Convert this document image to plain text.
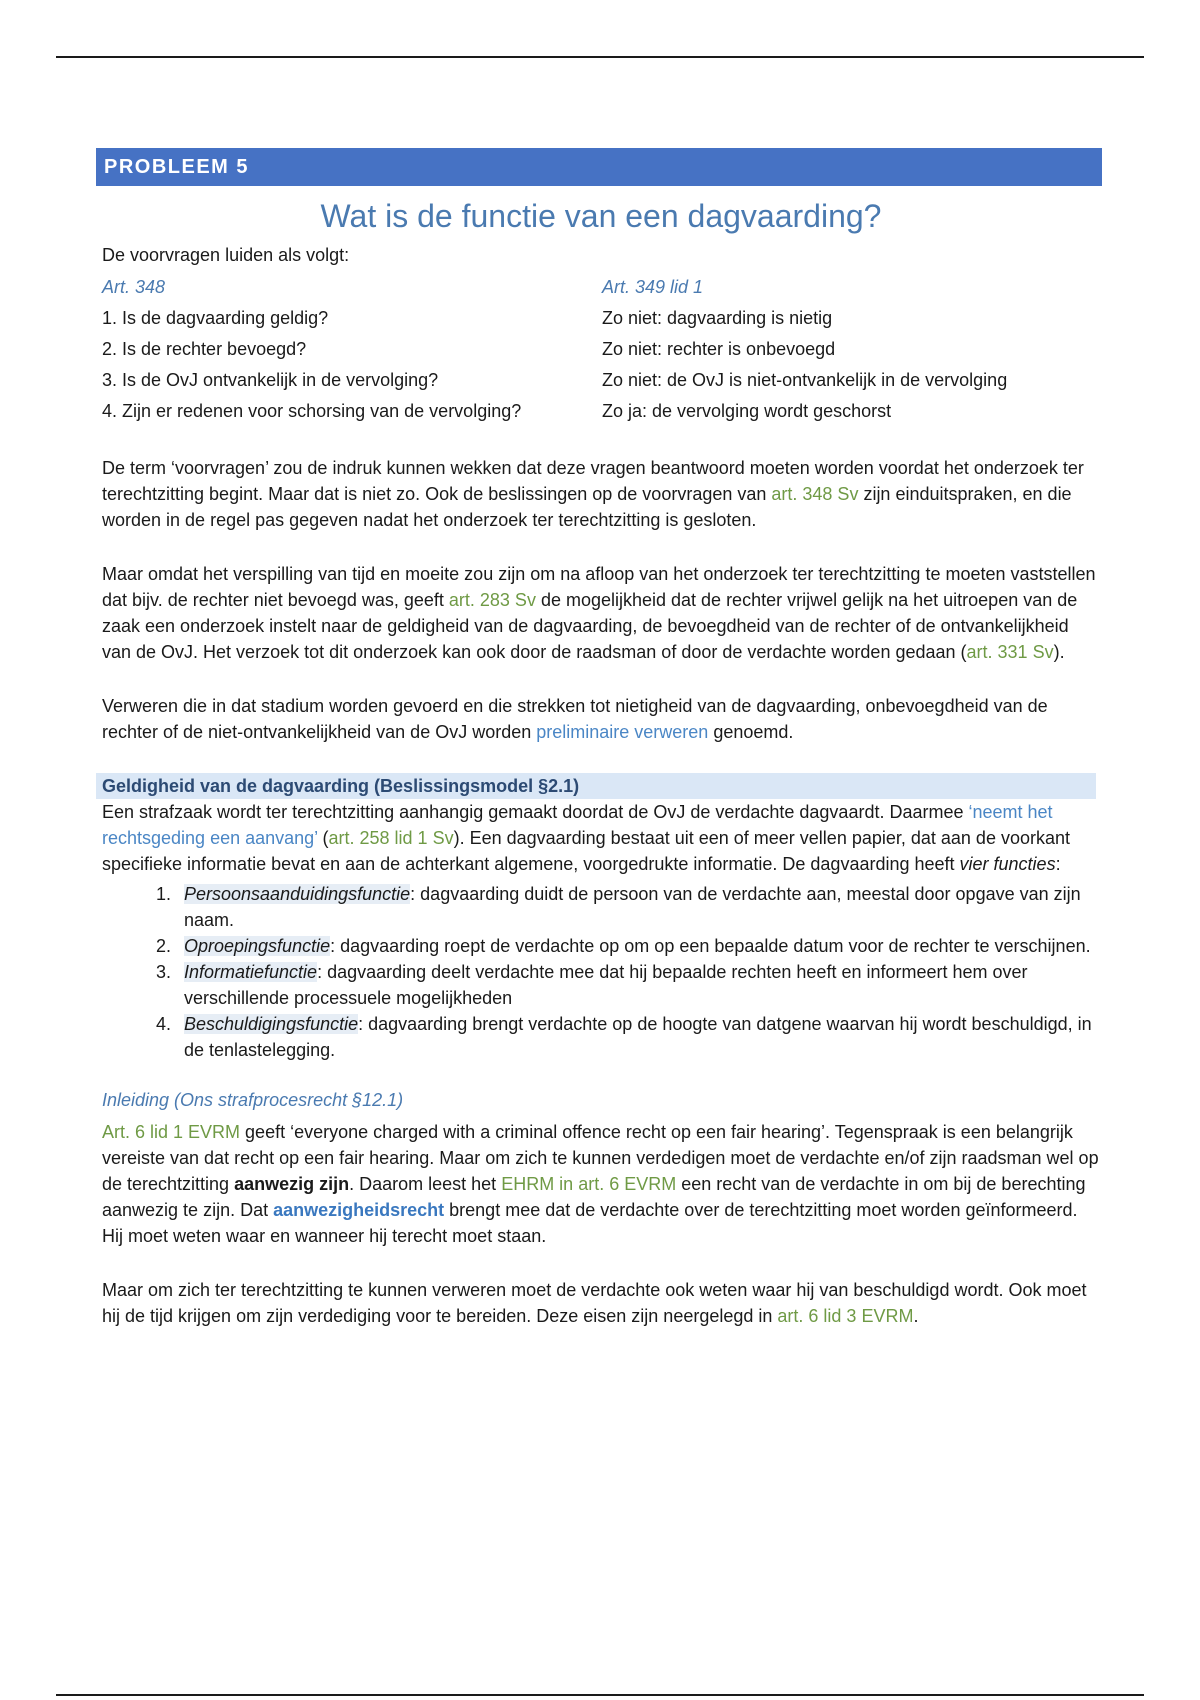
PROBLEEM 5
Wat is de functie van een dagvaarding?

De voorvragen luiden als volgt:

Art. 348	Art. 349 lid 1
1. Is de dagvaarding geldig?	Zo niet: dagvaarding is nietig
2. Is de rechter bevoegd?	Zo niet: rechter is onbevoegd
3. Is de OvJ ontvankelijk in de vervolging?	Zo niet: de OvJ is niet-ontvankelijk in de vervolging
4. Zijn er redenen voor schorsing van de vervolging?	Zo ja: de vervolging wordt geschorst

De term ‘voorvragen’ zou de indruk kunnen wekken dat deze vragen beantwoord moeten worden voordat het onderzoek ter terechtzitting begint. Maar dat is niet zo. Ook de beslissingen op de voorvragen van art. 348 Sv zijn einduitspraken, en die worden in de regel pas gegeven nadat het onderzoek ter terechtzitting is gesloten.

Maar omdat het verspilling van tijd en moeite zou zijn om na afloop van het onderzoek ter terechtzitting te moeten vaststellen dat bijv. de rechter niet bevoegd was, geeft art. 283 Sv de mogelijkheid dat de rechter vrijwel gelijk na het uitroepen van de zaak een onderzoek instelt naar de geldigheid van de dagvaarding, de bevoegdheid van de rechter of de ontvankelijkheid van de OvJ. Het verzoek tot dit onderzoek kan ook door de raadsman of door de verdachte worden gedaan (art. 331 Sv).

Verweren die in dat stadium worden gevoerd en die strekken tot nietigheid van de dagvaarding, onbevoegdheid van de rechter of de niet-ontvankelijkheid van de OvJ worden preliminaire verweren genoemd.

Geldigheid van de dagvaarding (Beslissingsmodel §2.1)

Een strafzaak wordt ter terechtzitting aanhangig gemaakt doordat de OvJ de verdachte dagvaardt. Daarmee ‘neemt het rechtsgeding een aanvang’ (art. 258 lid 1 Sv). Een dagvaarding bestaat uit een of meer vellen papier, dat aan de voorkant specifieke informatie bevat en aan de achterkant algemene, voorgedrukte informatie. De dagvaarding heeft vier functies:

1. Persoonsaanduidingsfunctie: dagvaarding duidt de persoon van de verdachte aan, meestal door opgave van zijn naam.
2. Oproepingsfunctie: dagvaarding roept de verdachte op om op een bepaalde datum voor de rechter te verschijnen.
3. Informatiefunctie: dagvaarding deelt verdachte mee dat hij bepaalde rechten heeft en informeert hem over verschillende processuele mogelijkheden
4. Beschuldigingsfunctie: dagvaarding brengt verdachte op de hoogte van datgene waarvan hij wordt beschuldigd, in de tenlastelegging.

Inleiding (Ons strafprocesrecht §12.1)

Art. 6 lid 1 EVRM geeft ‘everyone charged with a criminal offence recht op een fair hearing’. Tegenspraak is een belangrijk vereiste van dat recht op een fair hearing. Maar om zich te kunnen verdedigen moet de verdachte en/of zijn raadsman wel op de terechtzitting aanwezig zijn. Daarom leest het EHRM in art. 6 EVRM een recht van de verdachte in om bij de berechting aanwezig te zijn. Dat aanwezigheidsrecht brengt mee dat de verdachte over de terechtzitting moet worden geïnformeerd. Hij moet weten waar en wanneer hij terecht moet staan.

Maar om zich ter terechtzitting te kunnen verweren moet de verdachte ook weten waar hij van beschuldigd wordt. Ook moet hij de tijd krijgen om zijn verdediging voor te bereiden. Deze eisen zijn neergelegd in art. 6 lid 3 EVRM.
